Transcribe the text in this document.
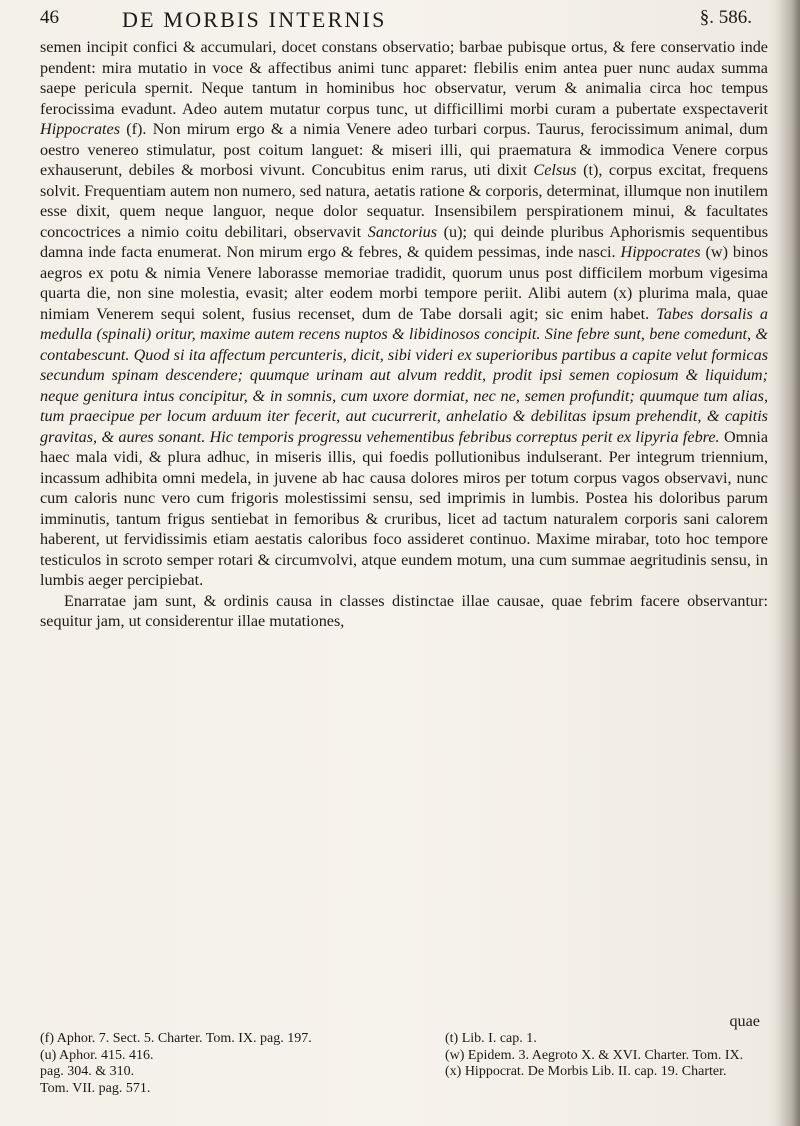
46	DE MORBIS INTERNIS	§. 586.

semen incipit confici & accumulari, docet constans observatio; barbae pubisque ortus, & fere conservatio inde pendent: mira mutatio in voce & affectibus animi tunc apparet: flebilis enim antea puer nunc audax summa saepe pericula spernit. Neque tantum in hominibus hoc observatur, verum & animalia circa hoc tempus ferocissima evadunt. Adeo autem mutatur corpus tunc, ut difficillimi morbi curam a pubertate exspectaverit Hippocrates (f). Non mirum ergo & a nimia Venere adeo turbari corpus. Taurus, ferocissimum animal, dum oestro venereo stimulatur, post coitum languet: & miseri illi, qui praematura & immodica Venere corpus exhauserunt, debiles & morbosi vivunt. Concubitus enim rarus, uti dixit Celsus (t), corpus excitat, frequens solvit. Frequentiam autem non numero, sed natura, aetatis ratione & corporis, determinat, illumque non inutilem esse dixit, quem neque languor, neque dolor sequatur. Insensibilem perspirationem minui, & facultates concoctrices a nimio coitu debilitari, observavit Sanctorius (u); qui deinde pluribus Aphorismis sequentibus damna inde facta enumerat. Non mirum ergo & febres, & quidem pessimas, inde nasci. Hippocrates (w) binos aegros ex potu & nimia Venere laborasse memoriae tradidit, quorum unus post difficilem morbum vigesima quarta die, non sine molestia, evasit; alter eodem morbi tempore periit. Alibi autem (x) plurima mala, quae nimiam Venerem sequi solent, fusius recenset, dum de Tabe dorsali agit; sic enim habet. Tabes dorsalis a medulla (spinali) oritur, maxime autem recens nuptos & libidinosos concipit. Sine febre sunt, bene comedunt, & contabescunt. Quod si ita affectum percunteris, dicit, sibi videri ex superioribus partibus a capite velut formicas secundum spinam descendere; quumque urinam aut alvum reddit, prodit ipsi semen copiosum & liquidum; neque genitura intus concipitur, & in somnis, cum uxore dormiat, nec ne, semen profundit; quumque tum alias, tum praecipue per locum arduum iter fecerit, aut cucurrerit, anhelatio & debilitas ipsum prehendit, & capitis gravitas, & aures sonant. Hic temporis progressu vehementibus febribus correptus perit ex lipyria febre. Omnia haec mala vidi, & plura adhuc, in miseris illis, qui foedis pollutionibus indulserant. Per integrum triennium, incassum adhibita omni medela, in juvene ab hac causa dolores miros per totum corpus vagos observavi, nunc cum caloris nunc vero cum frigoris molestissimi sensu, sed imprimis in lumbis. Postea his doloribus parum imminutis, tantum frigus sentiebat in femoribus & cruribus, licet ad tactum naturalem corporis sani calorem haberent, ut fervidissimis etiam aestatis caloribus foco assideret continuo. Maxime mirabar, toto hoc tempore testiculos in scroto semper rotari & circumvolvi, atque eundem motum, una cum summae aegritudinis sensu, in lumbis aeger percipiebat.

Enarratae jam sunt, & ordinis causa in classes distinctae illae causae, quae febrim facere observantur: sequitur jam, ut considerentur illae mutationes,

quae
(f) Aphor. 7. Sect. 5. Charter. Tom. IX. pag. 197.	(t) Lib. I. cap. 1.
(u) Aphor. 415. 416.	(w) Epidem. 3. Aegroto X. & XVI. Charter. Tom. IX.
pag. 304. & 310.	(x) Hippocrat. De Morbis Lib. II. cap. 19. Charter.
Tom. VII. pag. 571.
